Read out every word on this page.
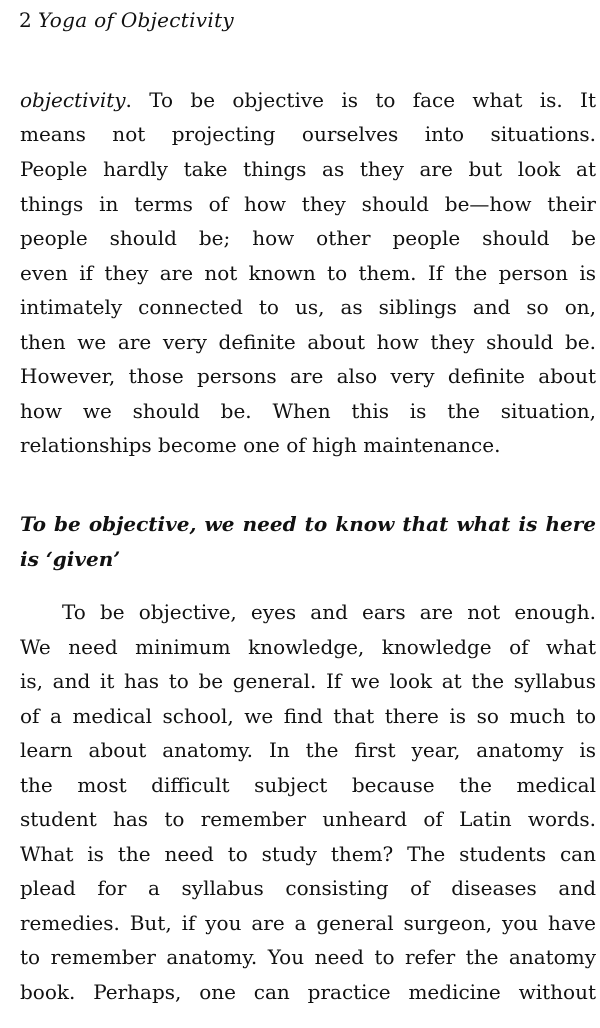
2 Yoga of Objectivity
objectivity. To be objective is to face what is. It
means not projecting ourselves into situations.
People hardly take things as they are but look at
things in terms of how they should be—how their
people should be; how other people should be
even if they are not known to them. If the person is
intimately connected to us, as siblings and so on,
then we are very definite about how they should be.
However, those persons are also very definite about
how we should be. When this is the situation,
relationships become one of high maintenance.
To be objective, we need to know that what is here
is ‘given’
To be objective, eyes and ears are not enough.
We need minimum knowledge, knowledge of what
is, and it has to be general. If we look at the syllabus
of a medical school, we find that there is so much to
learn about anatomy. In the first year, anatomy is
the most difficult subject because the medical
student has to remember unheard of Latin words.
What is the need to study them? The students can
plead for a syllabus consisting of diseases and
remedies. But, if you are a general surgeon, you have
to remember anatomy. You need to refer the anatomy
book. Perhaps, one can practice medicine without
